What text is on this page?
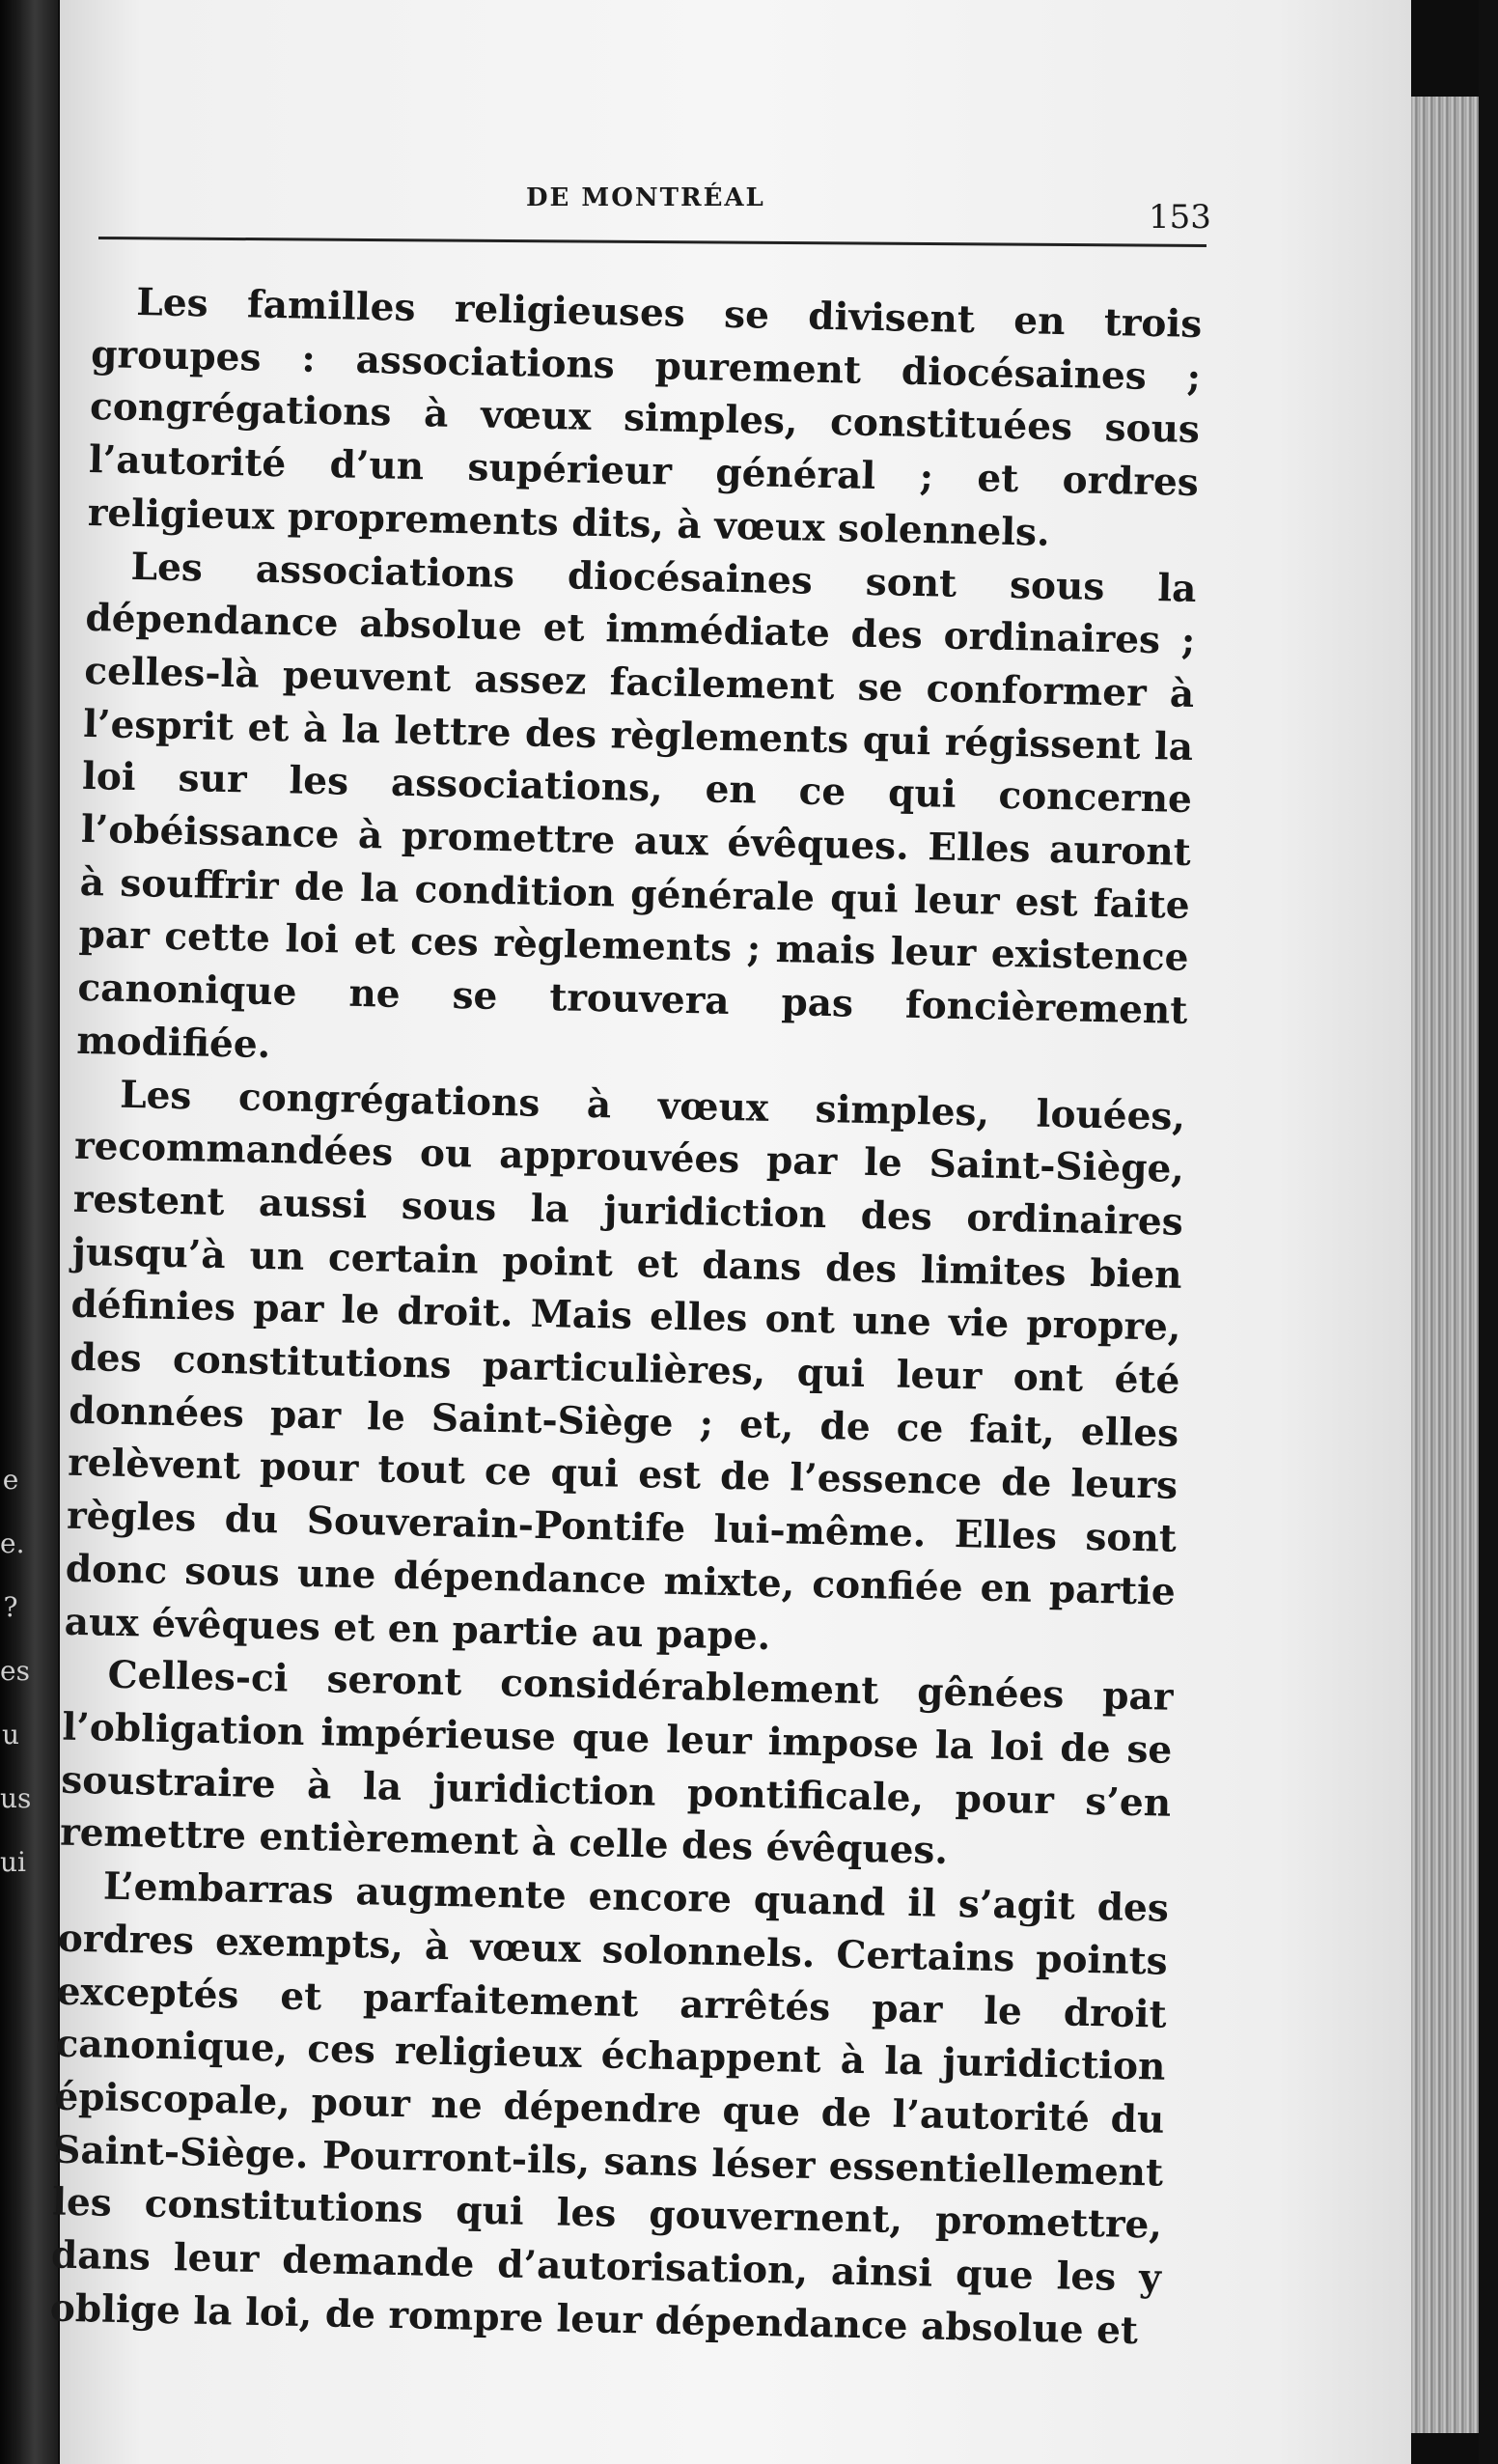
e
e.
?
es
u
us
ui
DE MONTRÉAL	153

Les familles religieuses se divisent en trois groupes : associations purement diocésaines ; congrégations à vœux simples, constituées sous l’autorité d’un supérieur général ; et ordres religieux proprements dits, à vœux solennels.

Les associations diocésaines sont sous la dépendance absolue et immédiate des ordinaires ; celles-là peuvent assez facilement se conformer à l’esprit et à la lettre des règlements qui régissent la loi sur les associations, en ce qui concerne l’obéissance à promettre aux évêques. Elles auront à souffrir de la condition générale qui leur est faite par cette loi et ces règlements ; mais leur existence canonique ne se trouvera pas foncièrement modifiée.

Les congrégations à vœux simples, louées, recommandées ou approuvées par le Saint-Siège, restent aussi sous la juridiction des ordinaires jusqu’à un certain point et dans des limites bien définies par le droit. Mais elles ont une vie propre, des constitutions particulières, qui leur ont été données par le Saint-Siège ; et, de ce fait, elles relèvent pour tout ce qui est de l’essence de leurs règles du Souverain-Pontife lui-même. Elles sont donc sous une dépendance mixte, confiée en partie aux évêques et en partie au pape.

Celles-ci seront considérablement gênées par l’obligation impérieuse que leur impose la loi de se soustraire à la juridiction pontificale, pour s’en remettre entièrement à celle des évêques.

L’embarras augmente encore quand il s’agit des ordres exempts, à vœux solonnels. Certains points exceptés et parfaitement arrêtés par le droit canonique, ces religieux échappent à la juridiction épiscopale, pour ne dépendre que de l’autorité du Saint-Siège. Pourront-ils, sans léser essentiellement les constitutions qui les gouvernent, promettre, dans leur demande d’autorisation, ainsi que les y oblige la loi, de rompre leur dépendance absolue et
